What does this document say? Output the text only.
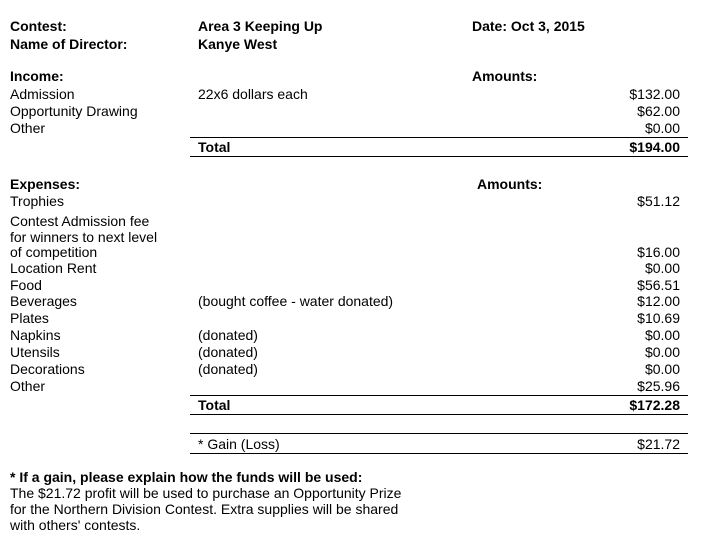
Contest:	Area 3 Keeping Up	Date: Oct 3, 2015
Name of Director:	Kanye West
Income:	Amounts:
Admission	22x6 dollars each	$132.00
Opportunity Drawing	$62.00
Other	$0.00
Total	$194.00
Expenses:	Amounts:
Trophies	$51.12
Contest Admission fee
for winners to next level
of competition	$16.00
Location Rent	$0.00
Food	$56.51
Beverages	(bought coffee - water donated)	$12.00
Plates	$10.69
Napkins	(donated)	$0.00
Utensils	(donated)	$0.00
Decorations	(donated)	$0.00
Other	$25.96
Total	$172.28
* Gain (Loss)	$21.72
* If a gain, please explain how the funds will be used:
The $21.72 profit will be used to purchase an Opportunity Prize
for the Northern Division Contest. Extra supplies will be shared
with others' contests.
